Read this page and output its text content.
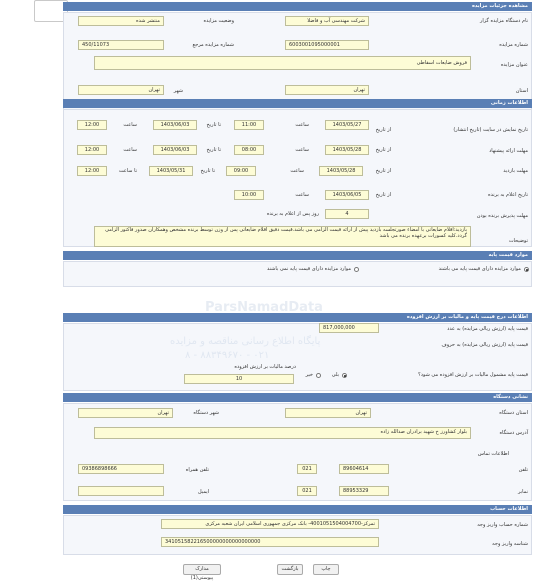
مشاهده جزئیات مزایده
نام دستگاه مزایده گزار
شرکت مهندسی آب و فاضلا
وضعیت مزایده
منتشر شده
شماره مزایده
6003001095000001
شماره مزایده مرجع
450/11073
عنوان مزایده
فروش ضایعات اسقاطی
استان
تهران
شهر
تهران
اطلاعات زمانی
تاریخ نمایش در سایت (تاریخ انتشار)
از تاریخ
1403/05/27
ساعت
11:00
تا تاریخ
1403/06/03
ساعت
12:00
مهلت ارائه پیشنهاد
از تاریخ
1403/05/28
ساعت
08:00
تا تاریخ
1403/06/03
ساعت
12:00
مهلت بازدید
از تاریخ
1403/05/28
ساعت
09:00
تا تاریخ
1403/05/31
تا ساعت
12:00
تاریخ اعلام به برنده
از تاریخ
1403/06/05
ساعت
10:00
مهلت پذیرش برنده بودن
4
روز پس از اعلام به برنده
توضیحات
بازدید:اقلام ضایعاتی با امضاء صورتجلسه بازدید پیش از ارائه قیمت الزامی می باشد.قیمت دقیق اقلام ضایعاتی پس از وزن توسط برنده مشخص وهمکاران صدور فاکتور الزامی گردد.کلیه کسورات برعهده برنده می باشد
موارد قیمت پایه
موارد مزایده دارای قیمت پایه می باشند
موارد مزایده دارای قیمت پایه نمی باشند
اطلاعات درج قیمت پایه و مالیات بر ارزش افزوده
قیمت پایه (ارزش ریالی مزایده) به عدد
817,000,000
قیمت پایه (ارزش ریالی مزایده) به حروف
قیمت پایه مشمول مالیات بر ارزش افزوده می شود؟
بلی
خیر
درصد مالیات بر ارزش افزوده
10
نشانی دستگاه
استان دستگاه
تهران
شهر دستگاه
تهران
آدرس دستگاه
بلوار کشاورز خ شهید برادران صدالله زاده
اطلاعات تماس
تلفن
89604614
021
تلفن همراه
09386898666
نمابر
88953329
021
ایمیل
اطلاعات حساب
شماره حساب واریز وجه
تمرکز-4001051504004700- بانک مرکزی جمهوری اسلامی ایران شعبه مرکزی
شناسه واریز وجه
341051582216500000000000000000
مدارک پیوستی(1)
بازگشت	چاپ
ParsNamadData
پایگاه اطلاع رسانی مناقصه و مزایده
۰۲۱ - ۸۸۳۴۹۶۷۰ - ۸
